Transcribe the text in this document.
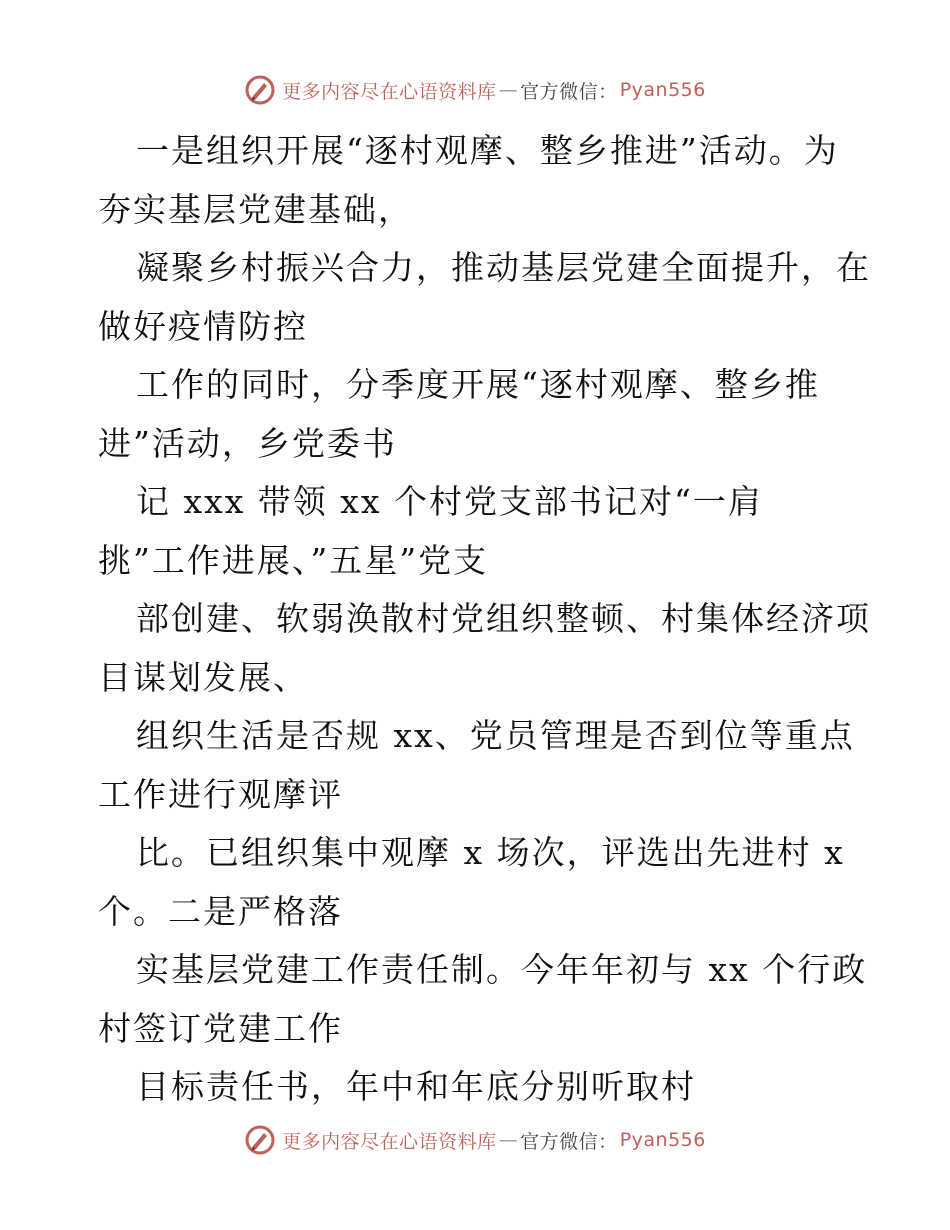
更多内容尽在心语资料库 — 官方微信： Pyan556

一是组织开展“逐村观摩、整乡推进”活动。为
夯实基层党建基础，

凝聚乡村振兴合力，推动基层党建全面提升，在
做好疫情防控

工作的同时，分季度开展“逐村观摩、整乡推
进”活动，乡党委书

记 xxx 带领 xx 个村党支部书记对“一肩
挑”工作进展、”五星”党支

部创建、软弱涣散村党组织整顿、村集体经济项
目谋划发展、

组织生活是否规 xx、党员管理是否到位等重点
工作进行观摩评

比。已组织集中观摩 x 场次，评选出先进村 x
个。二是严格落

实基层党建工作责任制。今年年初与 xx 个行政
村签订党建工作

目标责任书，年中和年底分别听取村

更多内容尽在心语资料库 — 官方微信： Pyan556
